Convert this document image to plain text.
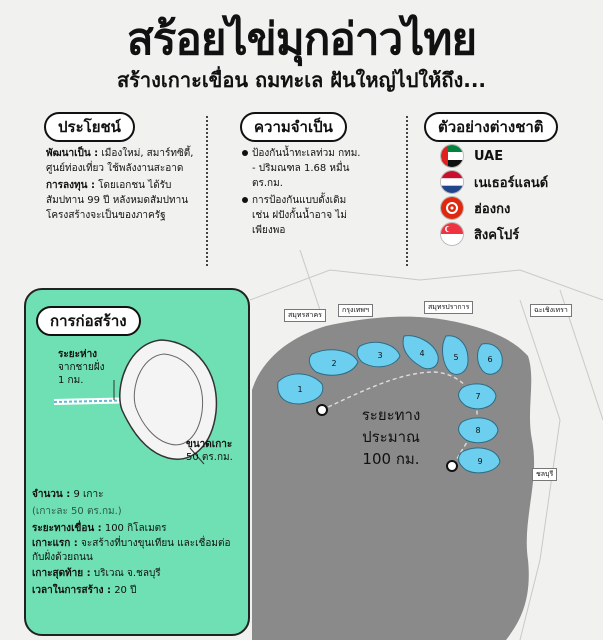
1
2
3	4	5	6
7
8
9
สมุทรสาคร
กรุงเทพฯ	สมุทรปราการ	ฉะเชิงเทรา
ชลบุรี
ระยะทาง
ประมาณ
100 กม.
สร้อยไข่มุกอ่าวไทย
สร้างเกาะเขื่อน ถมทะเล ฝันใหญ่ไปให้ถึง...
ประโยชน์
พัฒนาเป็น : เมืองใหม่, สมาร์ทซิตี้, ศูนย์ท่องเที่ยว ใช้พลังงานสะอาด
การลงทุน : โดยเอกชน ได้รับสัมปทาน 99 ปี หลังหมดสัมปทาน โครงสร้างจะเป็นของภาครัฐ
ความจำเป็น
ป้องกันน้ำทะเลท่วม กทม. - ปริมณฑล 1.68 หมื่น ตร.กม.
การป้องกันแบบดั้งเดิม เช่น ฝปังกั้นน้ำอาจ ไม่เพียงพอ
ตัวอย่างต่างชาติ
UAE
เนเธอร์แลนด์
ฮ่องกง
สิงคโปร์
การก่อสร้าง
ระยะห่าง
จากชายฝั่ง
1 กม.
ขนาดเกาะ
50 ตร.กม.
จำนวน : 9 เกาะ
(เกาะละ 50 ตร.กม.)
ระยะทางเขื่อน : 100 กิโลเมตร
เกาะแรก : จะสร้างที่บางขุนเทียน และเชื่อมต่อกับฝั่งด้วยถนน
เกาะสุดท้าย : บริเวณ จ.ชลบุรี
เวลาในการสร้าง : 20 ปี
